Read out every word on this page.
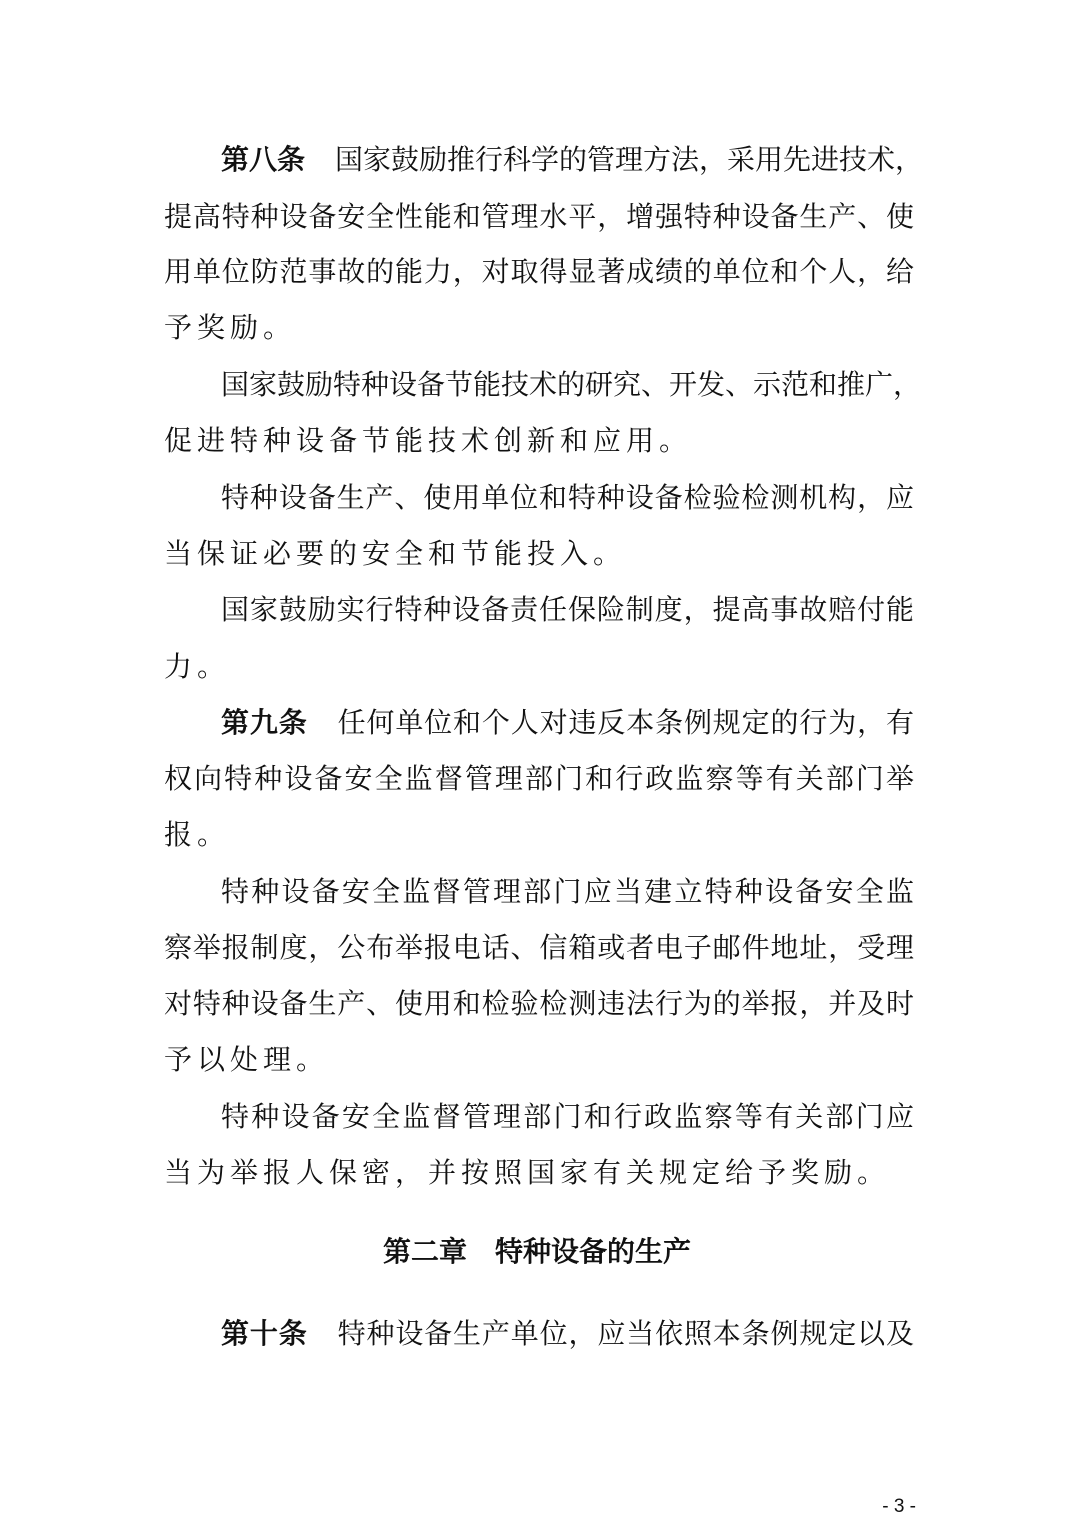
第八条 国家鼓励推行科学的管理方法，采用先进技术，
提高特种设备安全性能和管理水平，增强特种设备生产、使
用单位防范事故的能力，对取得显著成绩的单位和个人，给
予奖励。
国家鼓励特种设备节能技术的研究、开发、示范和推广，
促进特种设备节能技术创新和应用。
特种设备生产、使用单位和特种设备检验检测机构，应
当保证必要的安全和节能投入。
国家鼓励实行特种设备责任保险制度，提高事故赔付能
力。
第九条 任何单位和个人对违反本条例规定的行为，有
权向特种设备安全监督管理部门和行政监察等有关部门举
报。
特种设备安全监督管理部门应当建立特种设备安全监
察举报制度，公布举报电话、信箱或者电子邮件地址，受理
对特种设备生产、使用和检验检测违法行为的举报，并及时
予以处理。
特种设备安全监督管理部门和行政监察等有关部门应
当为举报人保密，并按照国家有关规定给予奖励。
第二章　特种设备的生产
第十条 特种设备生产单位，应当依照本条例规定以及
- 3 -
